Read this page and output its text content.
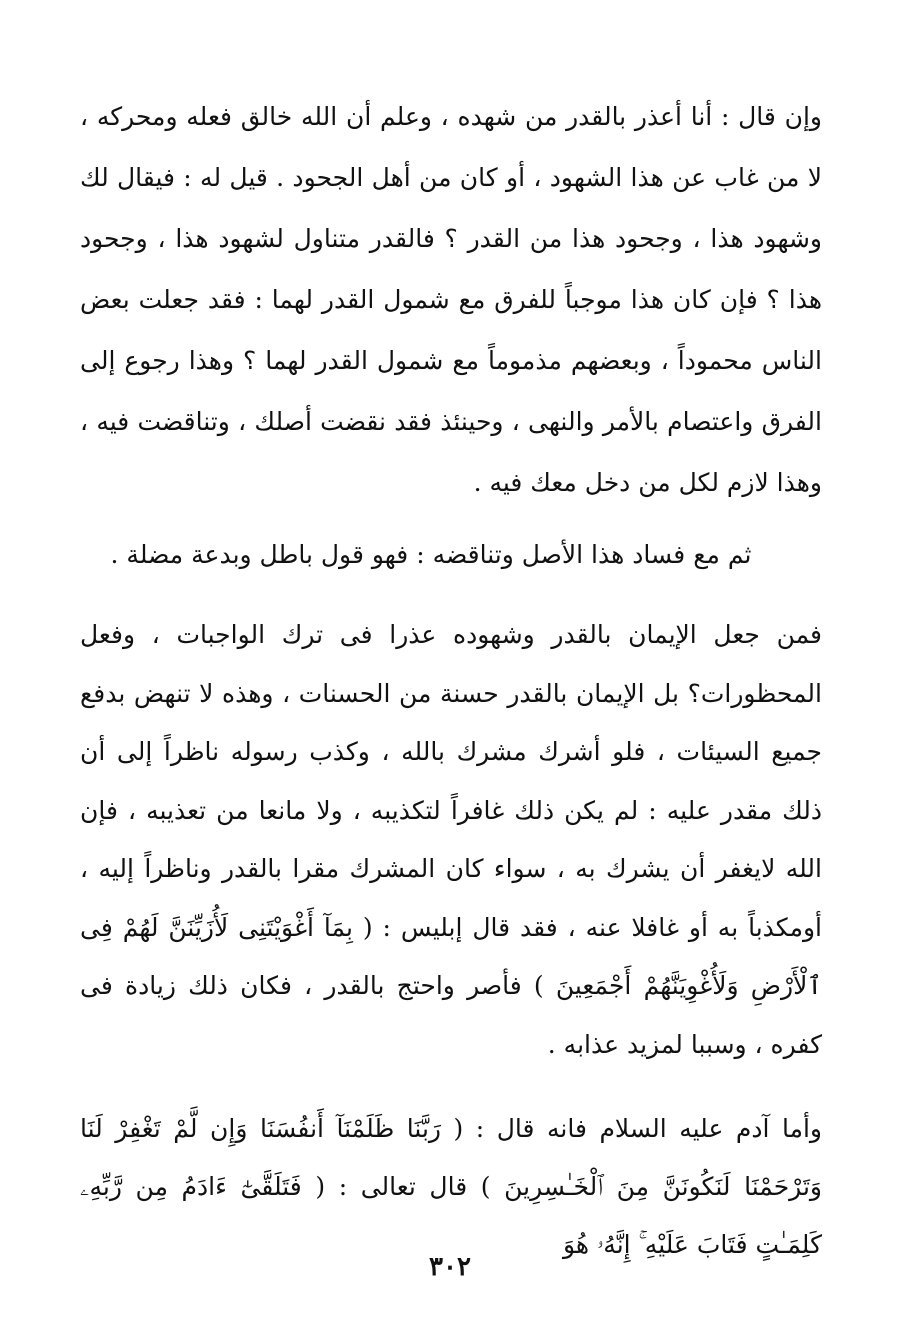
وإن قال : أنا أعذر بالقدر من شهده ، وعلم أن الله خالق فعله ومحركه ، لا من غاب عن هذا الشهود ، أو كان من أهل الجحود . قيل له : فيقال لك وشهود هذا ، وجحود هذا من القدر ؟ فالقدر متناول لشهود هذا ، وجحود هذا ؟ فإن كان هذا موجباً للفرق مع شمول القدر لهما : فقد جعلت بعض الناس محموداً ، وبعضهم مذموماً مع شمول القدر لهما ؟ وهذا رجوع إلى الفرق واعتصام بالأمر والنهى ، وحينئذ فقد نقضت أصلك ، وتناقضت فيه ، وهذا لازم لكل من دخل معك فيه .
ثم مع فساد هذا الأصل وتناقضه : فهو قول باطل وبدعة مضلة .
فمن جعل الإيمان بالقدر وشهوده عذرا فى ترك الواجبات ، وفعل المحظورات؟ بل الإيمان بالقدر حسنة من الحسنات ، وهذه لا تنهض بدفع جميع السيئات ، فلو أشرك مشرك بالله ، وكذب رسوله ناظراً إلى أن ذلك مقدر عليه : لم يكن ذلك غافراً لتكذيبه ، ولا مانعا من تعذيبه ، فإن الله لايغفر أن يشرك به ، سواء كان المشرك مقرا بالقدر وناظراً إليه ، أومكذباً به أو غافلا عنه ، فقد قال إبليس : ( بِمَآ أَغْوَيْتَنِى لَأُزَيِّنَنَّ لَهُمْ فِى ٱلْأَرْضِ وَلَأُغْوِيَنَّهُمْ أَجْمَعِينَ ) فأصر واحتج بالقدر ، فكان ذلك زيادة فى كفره ، وسببا لمزيد عذابه .
وأما آدم عليه السلام فانه قال : ( رَبَّنَا ظَلَمْنَآ أَنفُسَنَا وَإِن لَّمْ تَغْفِرْ لَنَا وَتَرْحَمْنَا لَنَكُونَنَّ مِنَ ٱلْخَـٰسِرِينَ ) قال تعالى : ( فَتَلَقَّىٰٓ ءَادَمُ مِن رَّبِّهِۦ كَلِمَـٰتٍ فَتَابَ عَلَيْهِ ۚ إِنَّهُۥ هُوَ
٣٠٢
